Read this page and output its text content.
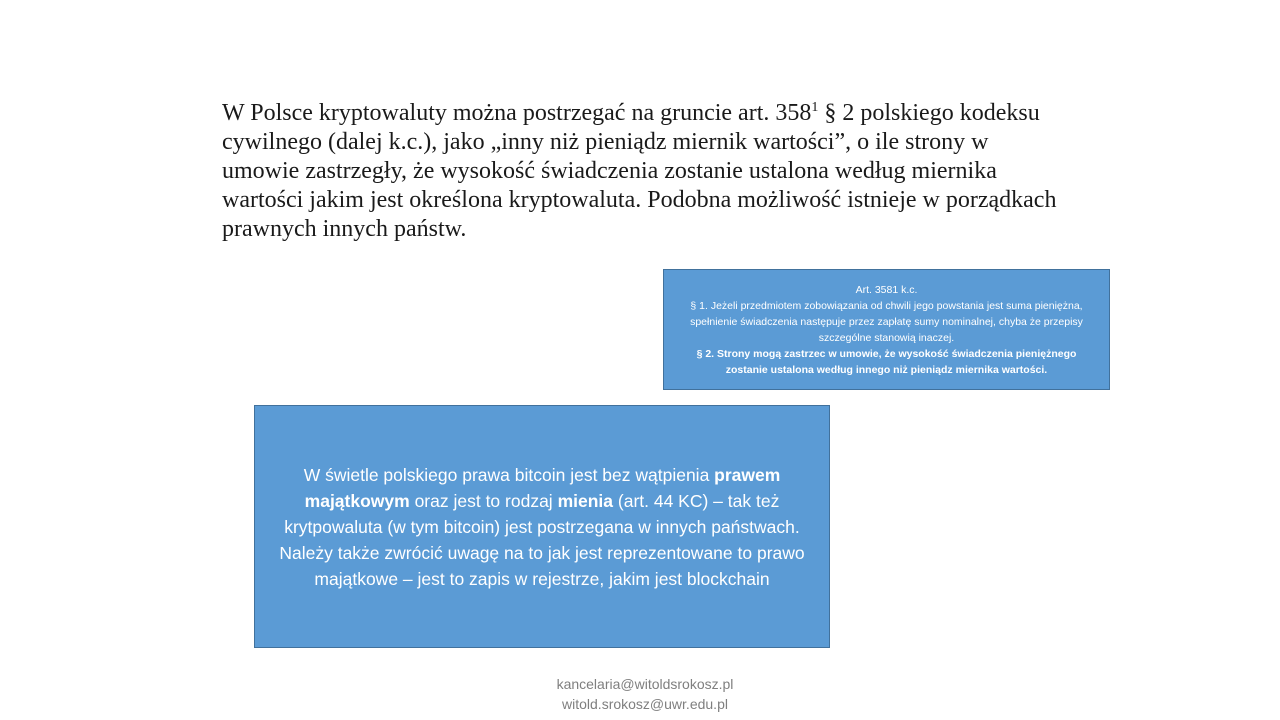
W Polsce kryptowaluty można postrzegać na gruncie art. $358^1$ § 2 polskiego kodeksu cywilnego (dalej k.c.), jako „inny niż pieniądz miernik wartości”, o ile strony w umowie zastrzegły, że wysokość świadczenia zostanie ustalona według miernika wartości jakim jest określona kryptowaluta. Podobna możliwość istnieje w porządkach prawnych innych państw.

Art. 3581 k.c.

§ 1. Jeżeli przedmiotem zobowiązania od chwili jego powstania jest suma pieniężna, spełnienie świadczenia następuje przez zapłatę sumy nominalnej, chyba że przepisy szczególne stanowią inaczej.

§ 2. Strony mogą zastrzec w umowie, że wysokość świadczenia pieniężnego zostanie ustalona według innego niż pieniądz miernika wartości.

W świetle polskiego prawa bitcoin jest bez wątpienia prawem majątkowym oraz jest to rodzaj mienia (art. 44 KC) – tak też krytpowaluta (w tym bitcoin) jest postrzegana w innych państwach.

Należy także zwrócić uwagę na to jak jest reprezentowane to prawo majątkowe – jest to zapis w rejestrze, jakim jest blockchain

kancelaria@witoldsrokosz.pl
witold.srokosz@uwr.edu.pl
